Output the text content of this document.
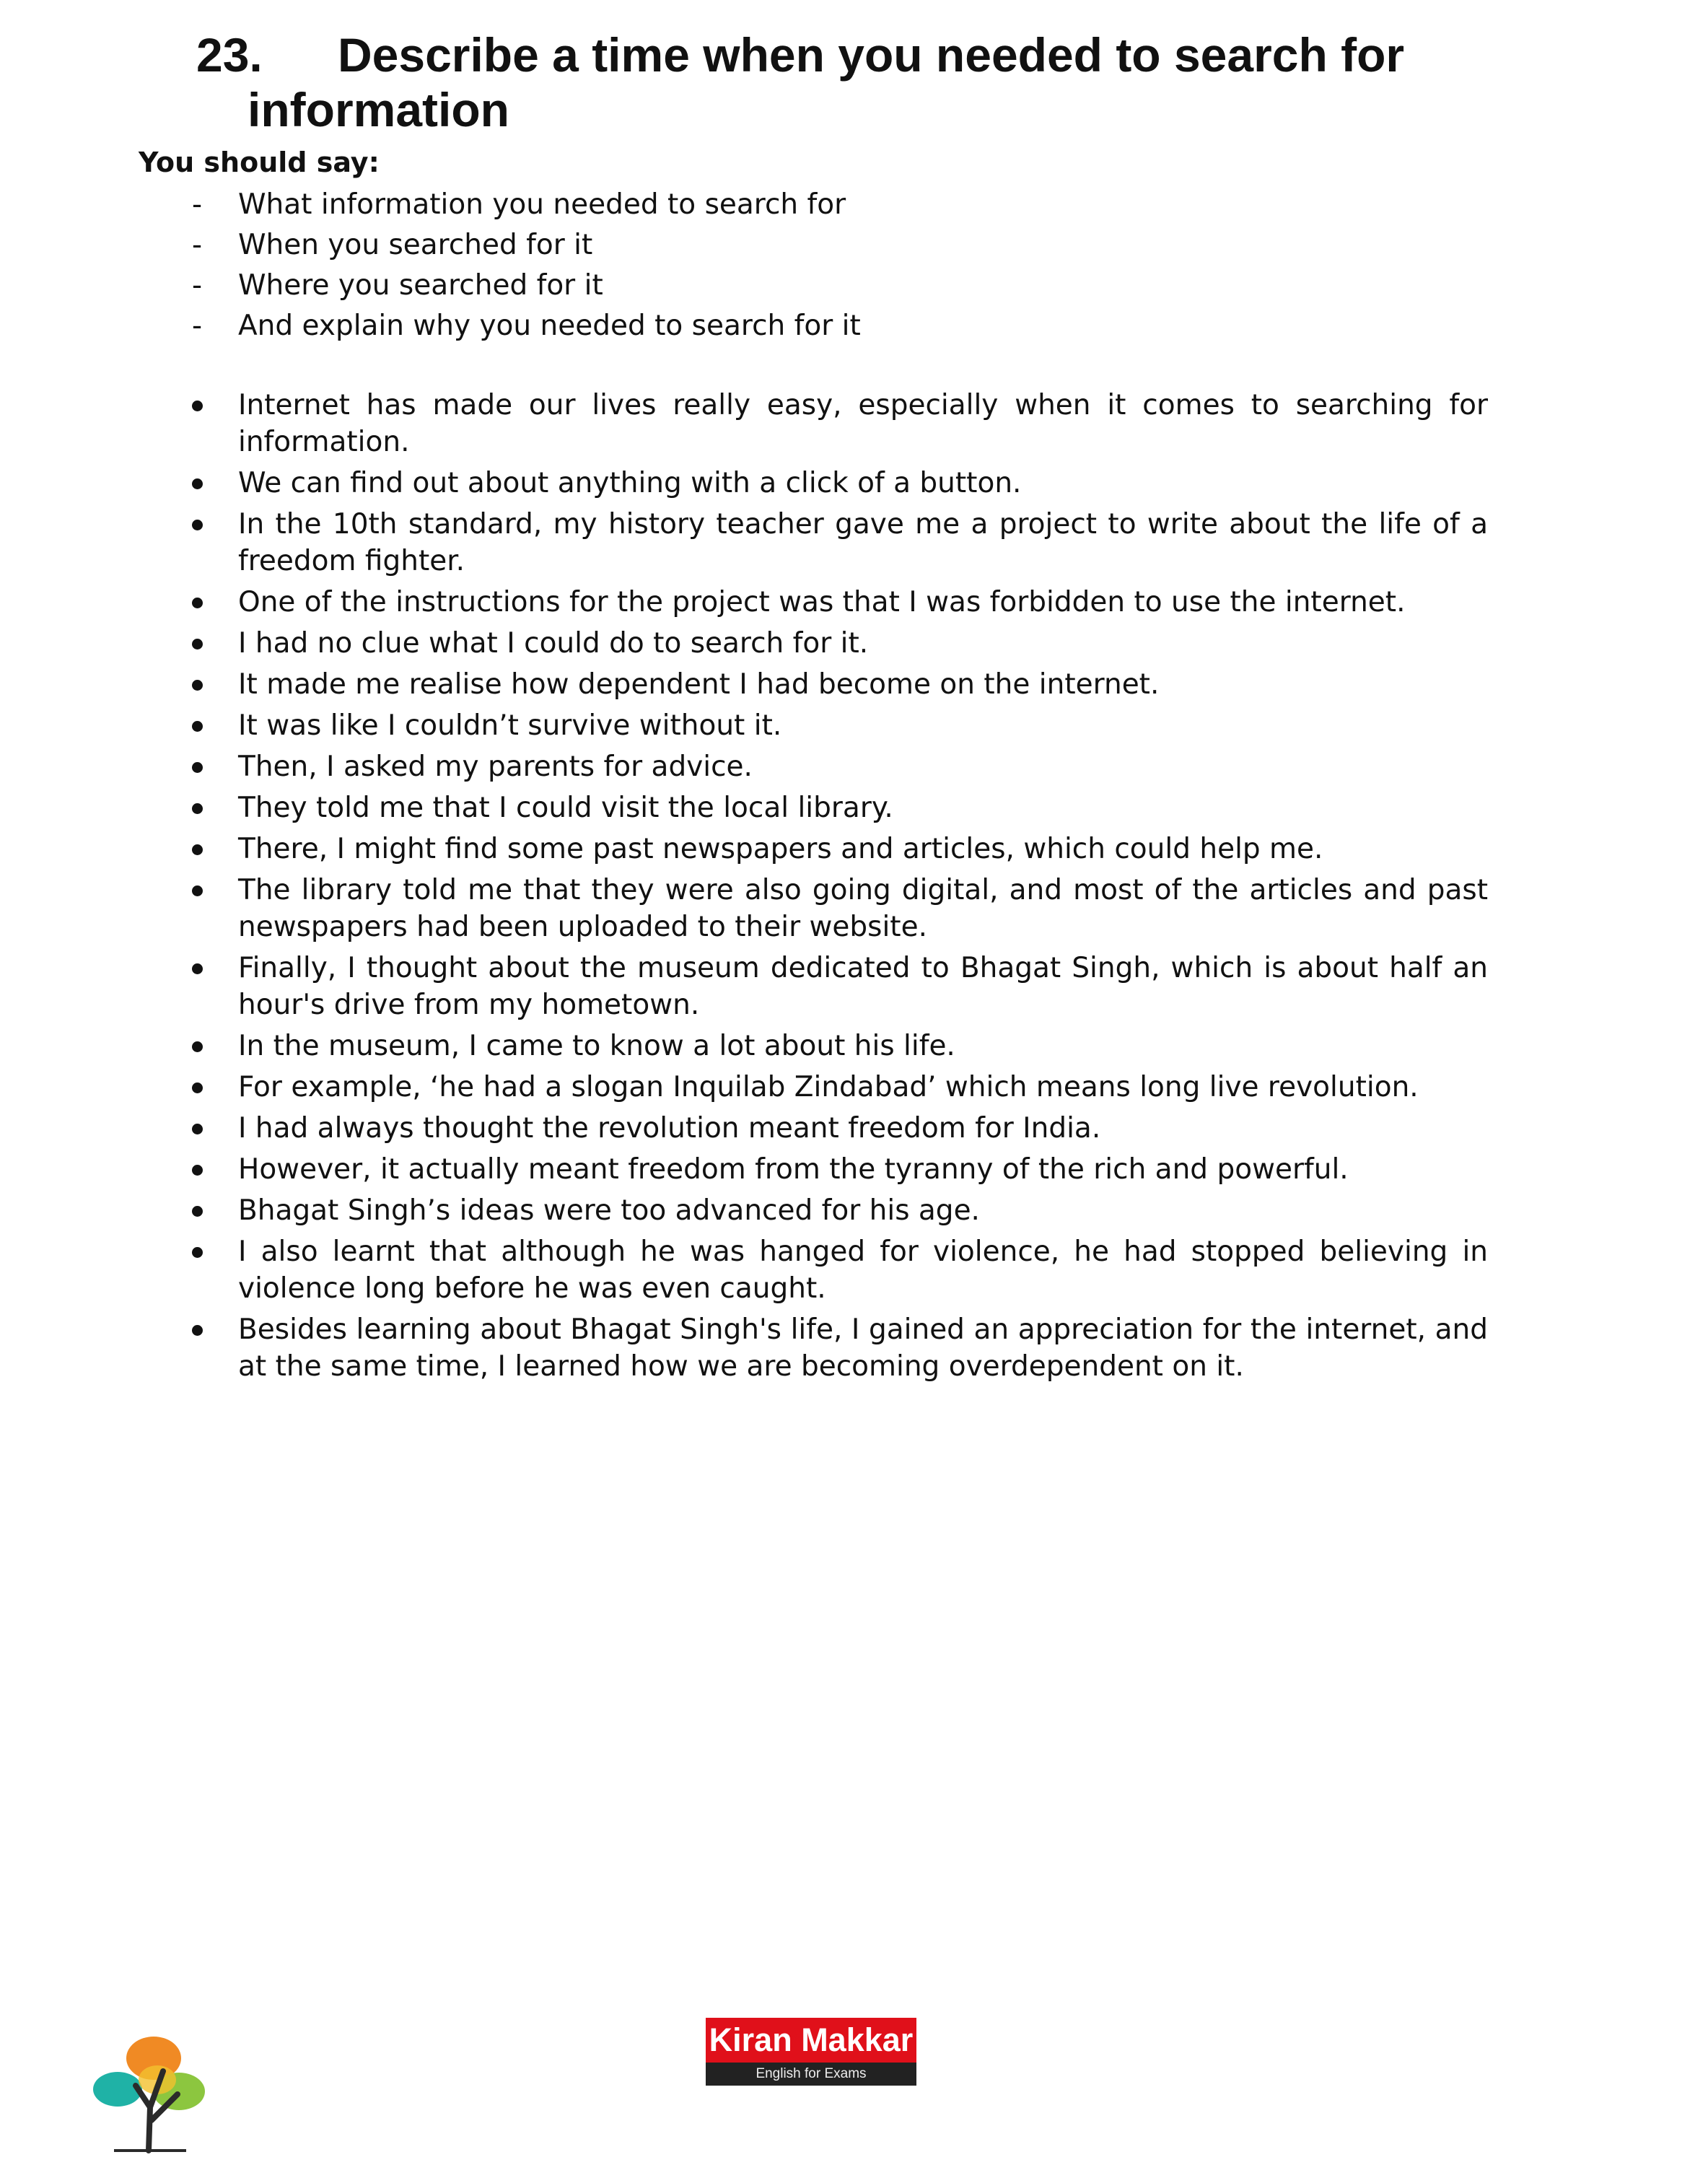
23. Describe a time when you needed to search for
information

You should say:

- What information you needed to search for
- When you searched for it
- Where you searched for it
- And explain why you needed to search for it
Internet has made our lives really easy, especially when it comes to searching for information.
We can find out about anything with a click of a button.
In the 10th standard, my history teacher gave me a project to write about the life of a freedom fighter.
One of the instructions for the project was that I was forbidden to use the internet.
I had no clue what I could do to search for it.
It made me realise how dependent I had become on the internet.
It was like I couldn’t survive without it.
Then, I asked my parents for advice.
They told me that I could visit the local library.
There, I might find some past newspapers and articles, which could help me.
The library told me that they were also going digital, and most of the articles and past newspapers had been uploaded to their website.
Finally, I thought about the museum dedicated to Bhagat Singh, which is about half an hour's drive from my hometown.
In the museum, I came to know a lot about his life.
For example, ‘he had a slogan Inquilab Zindabad’ which means long live revolution.
I had always thought the revolution meant freedom for India.
However, it actually meant freedom from the tyranny of the rich and powerful.
Bhagat Singh’s ideas were too advanced for his age.
I also learnt that although he was hanged for violence, he had stopped believing in violence long before he was even caught.
Besides learning about Bhagat Singh's life, I gained an appreciation for the internet, and at the same time, I learned how we are becoming overdependent on it.
Kiran Makkar
English for Exams
